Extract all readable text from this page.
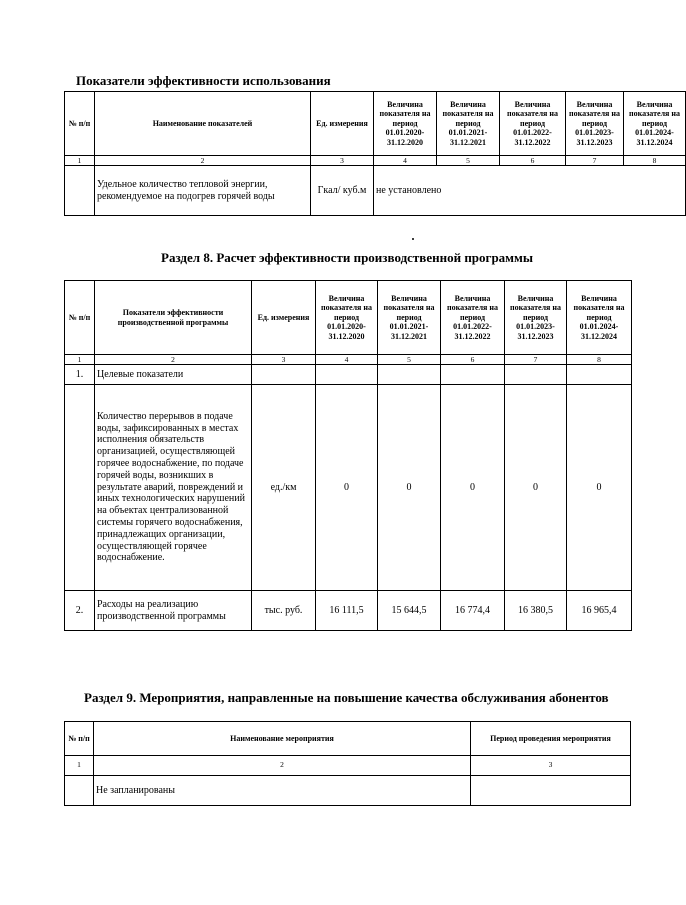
Показатели эффективности использования
№ п/п	Наименование показателей	Ед. измерения	Величина показателя на период 01.01.2020-31.12.2020	Величина показателя на период 01.01.2021-31.12.2021	Величина показателя на период 01.01.2022-31.12.2022	Величина показателя на период 01.01.2023-31.12.2023	Величина показателя на период 01.01.2024-31.12.2024
1	2	3	4	5	6	7	8
	Удельное количество тепловой энергии, рекомендуемое на подогрев горячей воды	Гкал/ куб.м	не установлено				
Раздел 8. Расчет эффективности производственной программы
№ п/п	Показатели эффективности производственной программы	Ед. измерения	Величина показателя на период 01.01.2020-31.12.2020	Величина показателя на период 01.01.2021-31.12.2021	Величина показателя на период 01.01.2022-31.12.2022	Величина показателя на период 01.01.2023-31.12.2023	Величина показателя на период 01.01.2024-31.12.2024
1	2	3	4	5	6	7	8
1.	Целевые показатели						
	Количество перерывов в подаче воды, зафиксированных в местах исполнения обязательств организацией, осуществляющей горячее водоснабжение, по подаче горячей воды, возникших в результате аварий, повреждений и иных технологических нарушений на объектах централизованной системы горячего водоснабжения, принадлежащих организации, осуществляющей горячее водоснабжение.	ед./км	0	0	0	0	0
2.	Расходы на реализацию производственной программы	тыс. руб.	16 111,5	15 644,5	16 774,4	16 380,5	16 965,4
Раздел 9. Мероприятия, направленные на повышение качества обслуживания абонентов
№ п/п	Наименование мероприятия	Период проведения мероприятия
1	2	3
	Не запланированы	
